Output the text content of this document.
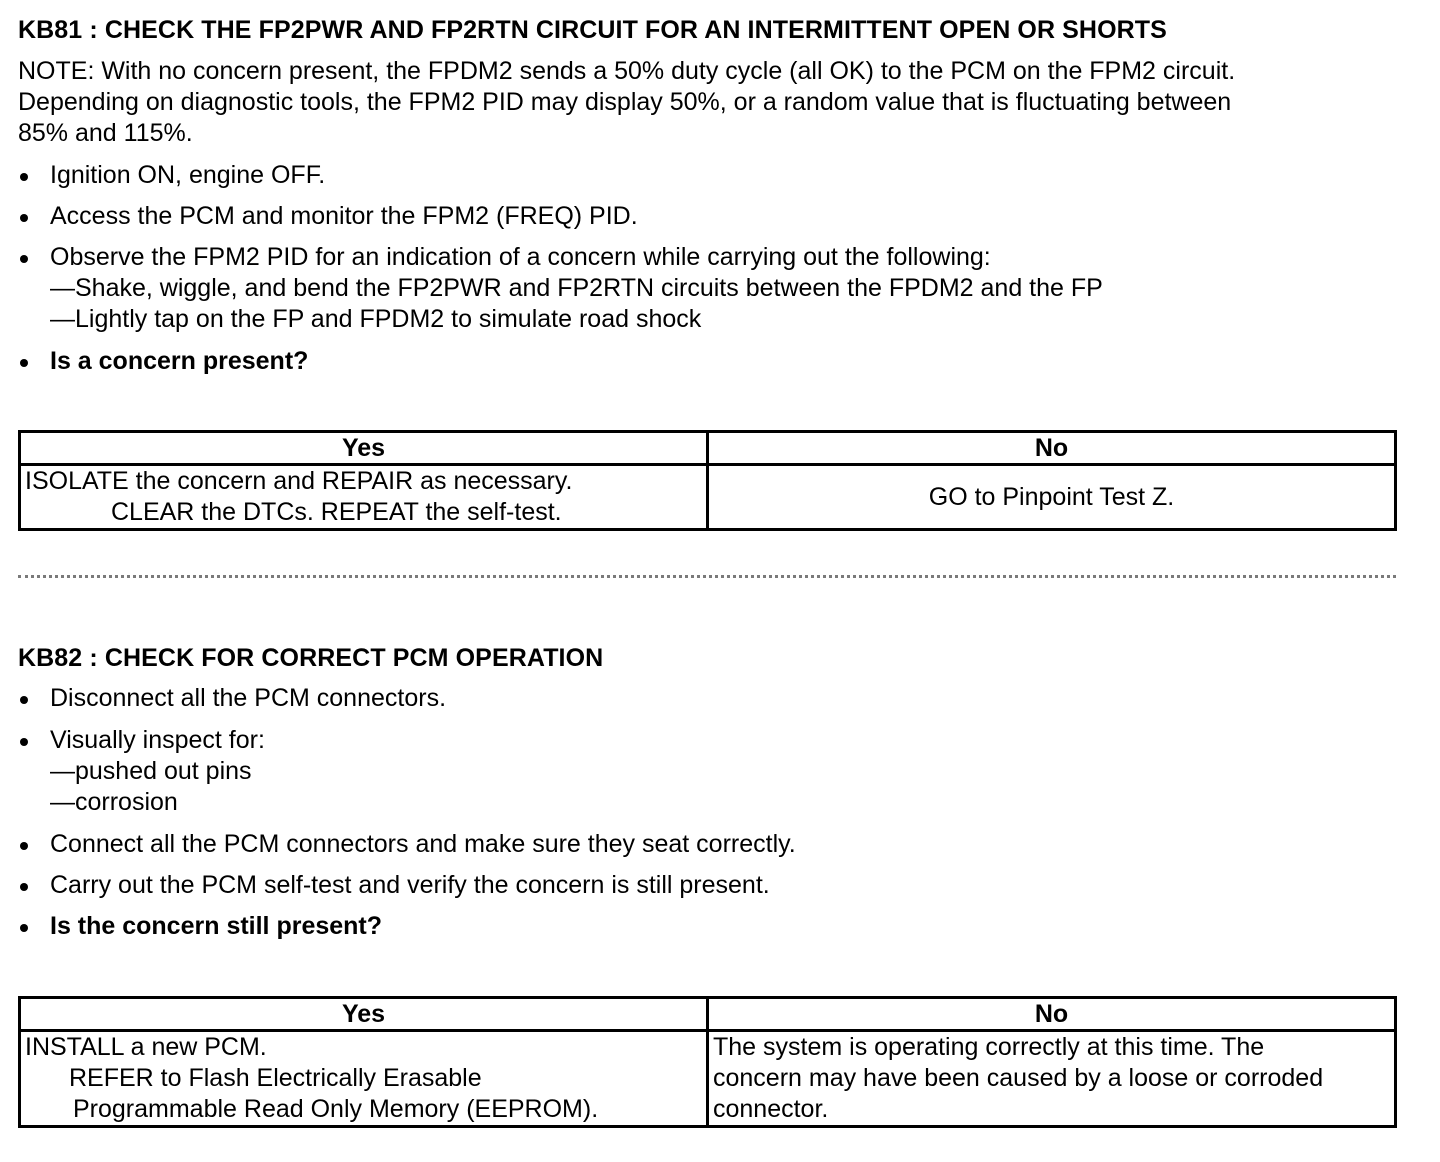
KB81 : CHECK THE FP2PWR AND FP2RTN CIRCUIT FOR AN INTERMITTENT OPEN OR SHORTS
NOTE: With no concern present, the FPDM2 sends a 50% duty cycle (all OK) to the PCM on the FPM2 circuit.
Depending on diagnostic tools, the FPM2 PID may display 50%, or a random value that is fluctuating between
85% and 115%.
Ignition ON, engine OFF.
Access the PCM and monitor the FPM2 (FREQ) PID.
Observe the FPM2 PID for an indication of a concern while carrying out the following:
—Shake, wiggle, and bend the FP2PWR and FP2RTN circuits between the FPDM2 and the FP
—Lightly tap on the FP and FPDM2 to simulate road shock
Is a concern present?
Yes	No

ISOLATE the concern and REPAIR as necessary.
CLEAR the DTCs. REPEAT the self-test.	GO to Pinpoint Test Z.
KB82 : CHECK FOR CORRECT PCM OPERATION
Disconnect all the PCM connectors.
Visually inspect for:
—pushed out pins
—corrosion
Connect all the PCM connectors and make sure they seat correctly.
Carry out the PCM self-test and verify the concern is still present.
Is the concern still present?
Yes	No

INSTALL a new PCM.
REFER to Flash Electrically Erasable
Programmable Read Only Memory (EEPROM).	The system is operating correctly at this time. The
concern may have been caused by a loose or corroded
connector.
